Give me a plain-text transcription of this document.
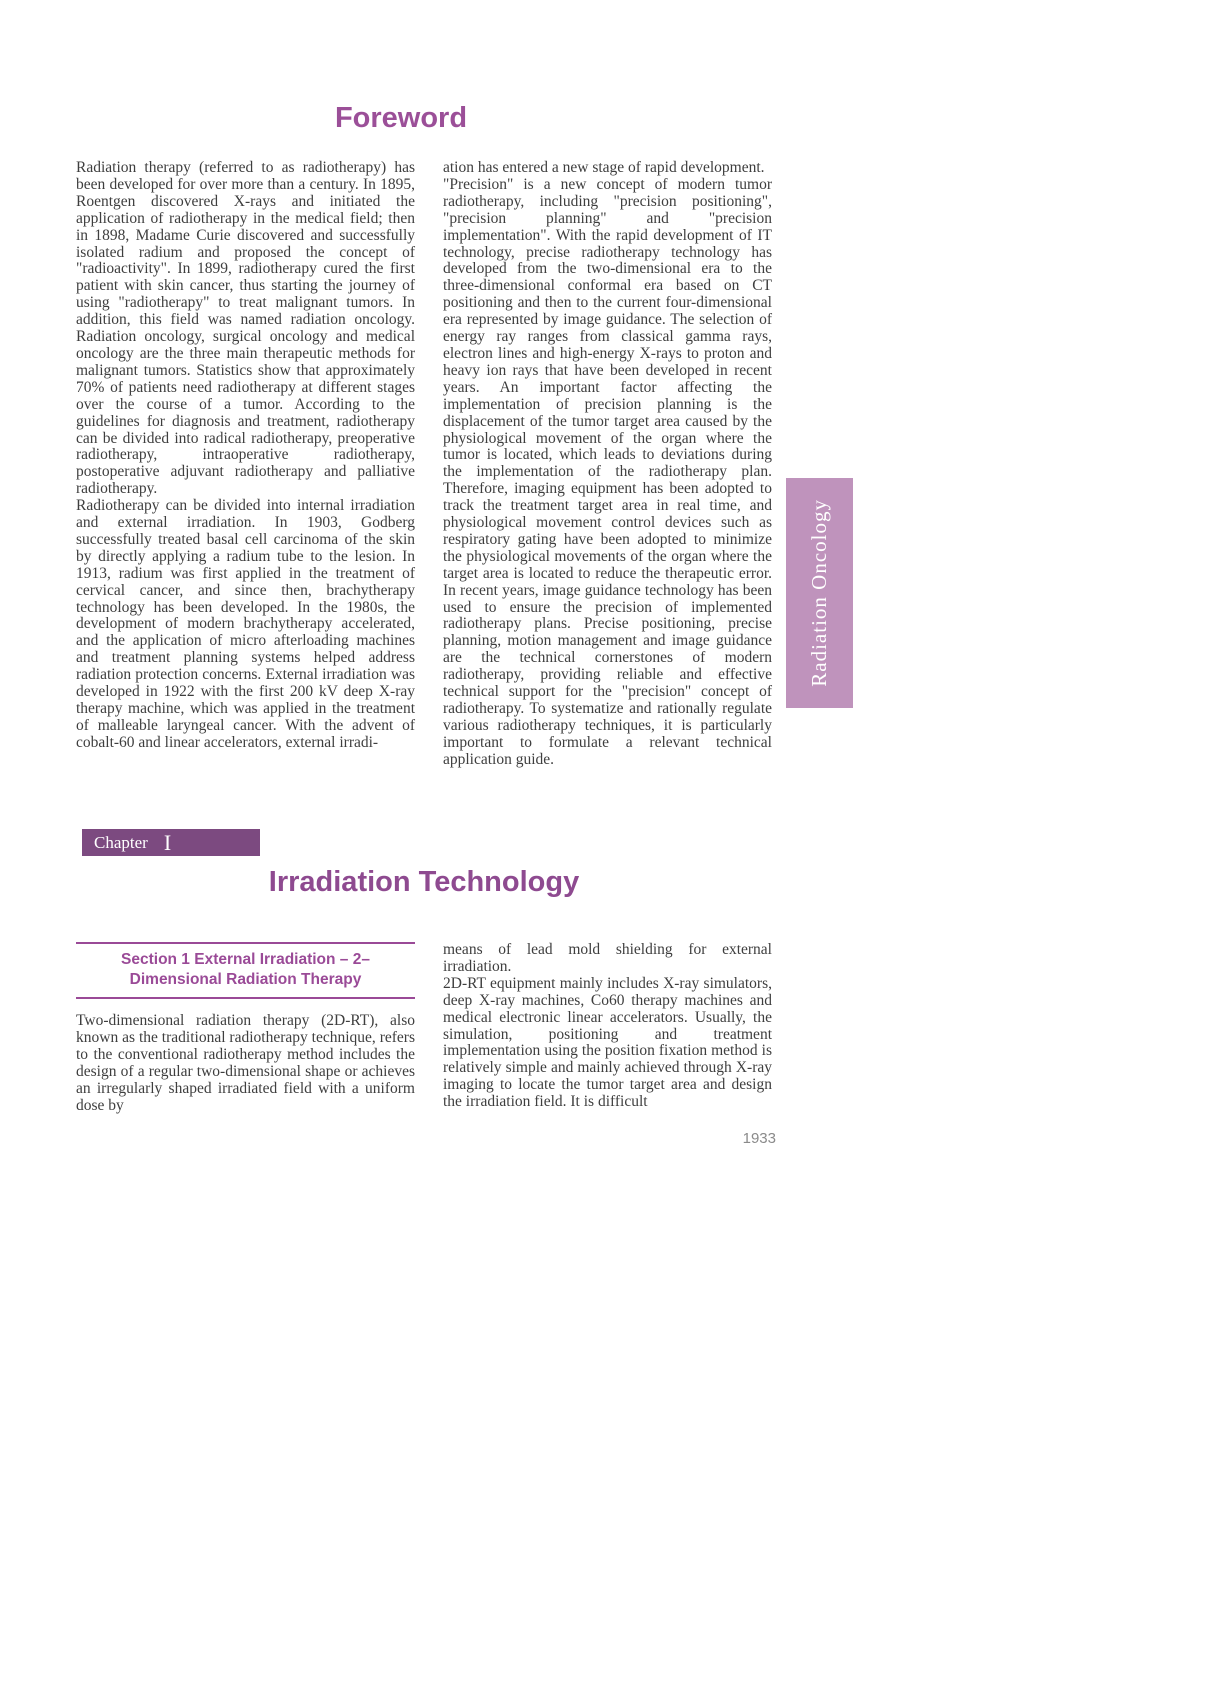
Foreword

Radiation therapy (referred to as radiotherapy) has been developed for over more than a century. In 1895, Roentgen discovered X-rays and initiated the application of radiotherapy in the medical field; then in 1898, Madame Curie discovered and successfully isolated radium and proposed the concept of "radioactivity". In 1899, radiotherapy cured the first patient with skin cancer, thus starting the journey of using "radiotherapy" to treat malignant tumors. In addition, this field was named radiation oncology. Radiation oncology, surgical oncology and medical oncology are the three main therapeutic methods for malignant tumors. Statistics show that approximately 70% of patients need radiotherapy at different stages over the course of a tumor. According to the guidelines for diagnosis and treatment, radiotherapy can be divided into radical radiotherapy, preoperative radiotherapy, intraoperative radiotherapy, postoperative adjuvant radiotherapy and palliative radiotherapy.

Radiotherapy can be divided into internal irradiation and external irradiation. In 1903, Godberg successfully treated basal cell carcinoma of the skin by directly applying a radium tube to the lesion. In 1913, radium was first applied in the treatment of cervical cancer, and since then, brachytherapy technology has been developed. In the 1980s, the development of modern brachytherapy accelerated, and the application of micro afterloading machines and treatment planning systems helped address radiation protection concerns. External irradiation was developed in 1922 with the first 200 kV deep X-ray therapy machine, which was applied in the treatment of malleable laryngeal cancer. With the advent of cobalt-60 and linear accelerators, external irradi-

ation has entered a new stage of rapid development.

"Precision" is a new concept of modern tumor radiotherapy, including "precision positioning", "precision planning" and "precision implementation". With the rapid development of IT technology, precise radiotherapy technology has developed from the two-dimensional era to the three-dimensional conformal era based on CT positioning and then to the current four-dimensional era represented by image guidance. The selection of energy ray ranges from classical gamma rays, electron lines and high-energy X-rays to proton and heavy ion rays that have been developed in recent years. An important factor affecting the implementation of precision planning is the displacement of the tumor target area caused by the physiological movement of the organ where the tumor is located, which leads to deviations during the implementation of the radiotherapy plan. Therefore, imaging equipment has been adopted to track the treatment target area in real time, and physiological movement control devices such as respiratory gating have been adopted to minimize the physiological movements of the organ where the target area is located to reduce the therapeutic error. In recent years, image guidance technology has been used to ensure the precision of implemented radiotherapy plans. Precise positioning, precise planning, motion management and image guidance are the technical cornerstones of modern radiotherapy, providing reliable and effective technical support for the "precision" concept of radiotherapy. To systematize and rationally regulate various radiotherapy techniques, it is particularly important to formulate a relevant technical application guide.

Radiation Oncology
Chapter I
Irradiation Technology
Section 1 External Irradiation – 2–
Dimensional Radiation Therapy

Two-dimensional radiation therapy (2D-RT), also known as the traditional radiotherapy technique, refers to the conventional radiotherapy method includes the design of a regular two-dimensional shape or achieves an irregularly shaped irradiated field with a uniform dose by

means of lead mold shielding for external irradiation.

2D-RT equipment mainly includes X-ray simulators, deep X-ray machines, Co60 therapy machines and medical electronic linear accelerators. Usually, the simulation, positioning and treatment implementation using the position fixation method is relatively simple and mainly achieved through X-ray imaging to locate the tumor target area and design the irradiation field. It is difficult

1933
